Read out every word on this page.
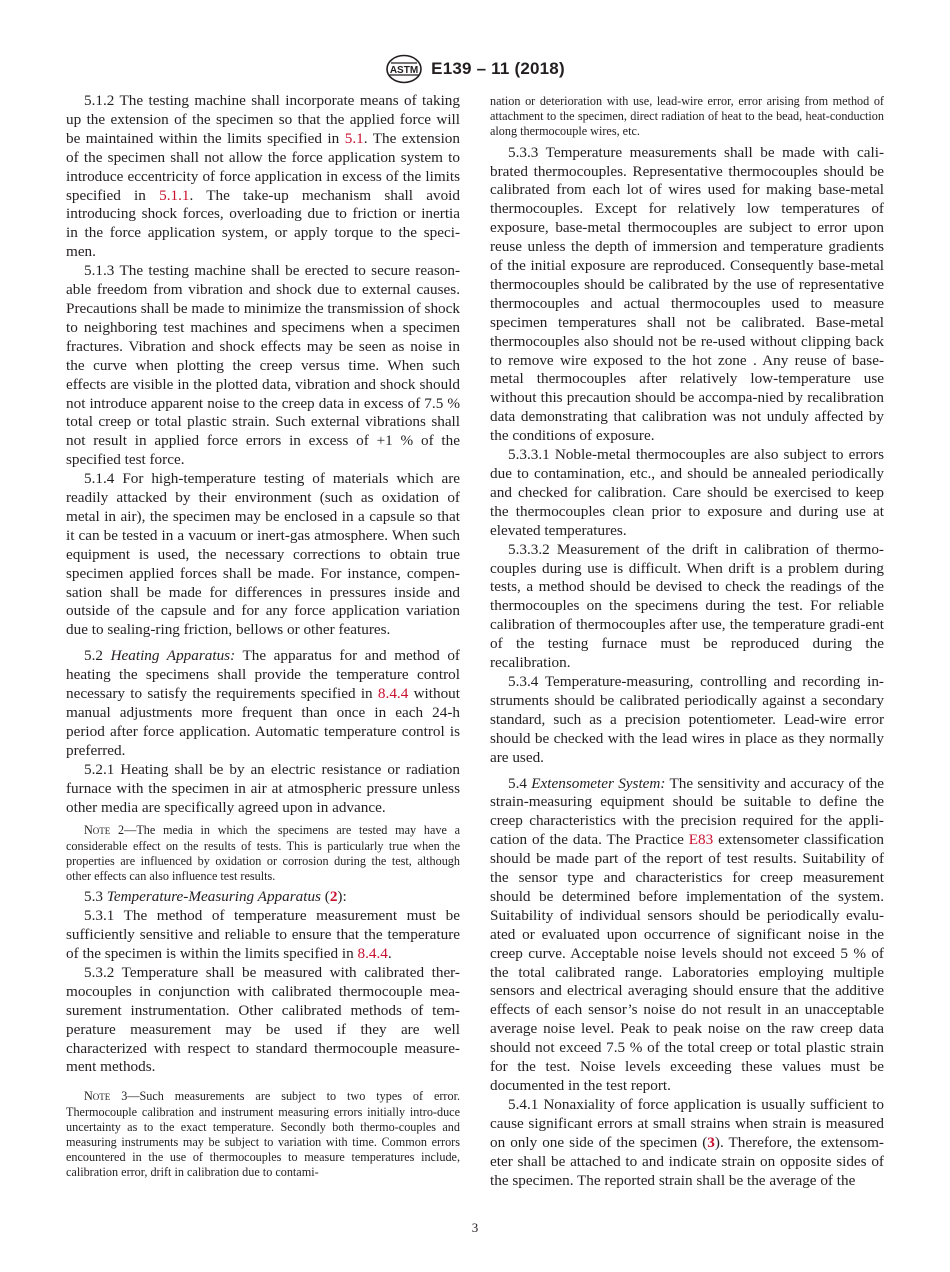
ASTM E139 – 11 (2018)

5.1.2 The testing machine shall incorporate means of taking up the extension of the specimen so that the applied force will be maintained within the limits specified in 5.1. The extension of the specimen shall not allow the force application system to introduce eccentricity of force application in excess of the limits specified in 5.1.1. The take-up mechanism shall avoid introducing shock forces, overloading due to friction or inertia in the force application system, or apply torque to the speci-men.

5.1.3 The testing machine shall be erected to secure reason-able freedom from vibration and shock due to external causes. Precautions shall be made to minimize the transmission of shock to neighboring test machines and specimens when a specimen fractures. Vibration and shock effects may be seen as noise in the curve when plotting the creep versus time. When such effects are visible in the plotted data, vibration and shock should not introduce apparent noise to the creep data in excess of 7.5 % total creep or total plastic strain. Such external vibrations shall not result in applied force errors in excess of +1 % of the specified test force.

5.1.4 For high-temperature testing of materials which are readily attacked by their environment (such as oxidation of metal in air), the specimen may be enclosed in a capsule so that it can be tested in a vacuum or inert-gas atmosphere. When such equipment is used, the necessary corrections to obtain true specimen applied forces shall be made. For instance, compen-sation shall be made for differences in pressures inside and outside of the capsule and for any force application variation due to sealing-ring friction, bellows or other features.

5.2 Heating Apparatus: The apparatus for and method of heating the specimens shall provide the temperature control necessary to satisfy the requirements specified in 8.4.4 without manual adjustments more frequent than once in each 24-h period after force application. Automatic temperature control is preferred.

5.2.1 Heating shall be by an electric resistance or radiation furnace with the specimen in air at atmospheric pressure unless other media are specifically agreed upon in advance.

Note 2—The media in which the specimens are tested may have a considerable effect on the results of tests. This is particularly true when the properties are influenced by oxidation or corrosion during the test, although other effects can also influence test results.

5.3 Temperature-Measuring Apparatus (2):

5.3.1 The method of temperature measurement must be sufficiently sensitive and reliable to ensure that the temperature of the specimen is within the limits specified in 8.4.4.

5.3.2 Temperature shall be measured with calibrated ther-mocouples in conjunction with calibrated thermocouple mea-surement instrumentation. Other calibrated methods of tem-perature measurement may be used if they are well characterized with respect to standard thermocouple measure-ment methods.

Note 3—Such measurements are subject to two types of error. Thermocouple calibration and instrument measuring errors initially intro-duce uncertainty as to the exact temperature. Secondly both thermo-couples and measuring instruments may be subject to variation with time. Common errors encountered in the use of thermocouples to measure temperatures include, calibration error, drift in calibration due to contami-

nation or deterioration with use, lead-wire error, error arising from method of attachment to the specimen, direct radiation of heat to the bead, heat-conduction along thermocouple wires, etc.

5.3.3 Temperature measurements shall be made with cali-brated thermocouples. Representative thermocouples should be calibrated from each lot of wires used for making base-metal thermocouples. Except for relatively low temperatures of exposure, base-metal thermocouples are subject to error upon reuse unless the depth of immersion and temperature gradients of the initial exposure are reproduced. Consequently base-metal thermocouples should be calibrated by the use of representative thermocouples and actual thermocouples used to measure specimen temperatures shall not be calibrated. Base-metal thermocouples also should not be re-used without clipping back to remove wire exposed to the hot zone . Any reuse of base-metal thermocouples after relatively low-temperature use without this precaution should be accompa-nied by recalibration data demonstrating that calibration was not unduly affected by the conditions of exposure.

5.3.3.1 Noble-metal thermocouples are also subject to errors due to contamination, etc., and should be annealed periodically and checked for calibration. Care should be exercised to keep the thermocouples clean prior to exposure and during use at elevated temperatures.

5.3.3.2 Measurement of the drift in calibration of thermo-couples during use is difficult. When drift is a problem during tests, a method should be devised to check the readings of the thermocouples on the specimens during the test. For reliable calibration of thermocouples after use, the temperature gradi-ent of the testing furnace must be reproduced during the recalibration.

5.3.4 Temperature-measuring, controlling and recording in-struments should be calibrated periodically against a secondary standard, such as a precision potentiometer. Lead-wire error should be checked with the lead wires in place as they normally are used.

5.4 Extensometer System: The sensitivity and accuracy of the strain-measuring equipment should be suitable to define the creep characteristics with the precision required for the appli-cation of the data. The Practice E83 extensometer classification should be made part of the report of test results. Suitability of the sensor type and characteristics for creep measurement should be determined before implementation of the system. Suitability of individual sensors should be periodically evalu-ated or evaluated upon occurrence of significant noise in the creep curve. Acceptable noise levels should not exceed 5 % of the total calibrated range. Laboratories employing multiple sensors and electrical averaging should ensure that the additive effects of each sensor’s noise do not result in an unacceptable average noise level. Peak to peak noise on the raw creep data should not exceed 7.5 % of the total creep or total plastic strain for the test. Noise levels exceeding these values must be documented in the test report.

5.4.1 Nonaxiality of force application is usually sufficient to cause significant errors at small strains when strain is measured on only one side of the specimen (3). Therefore, the extensom-eter shall be attached to and indicate strain on opposite sides of the specimen. The reported strain shall be the average of the

3
